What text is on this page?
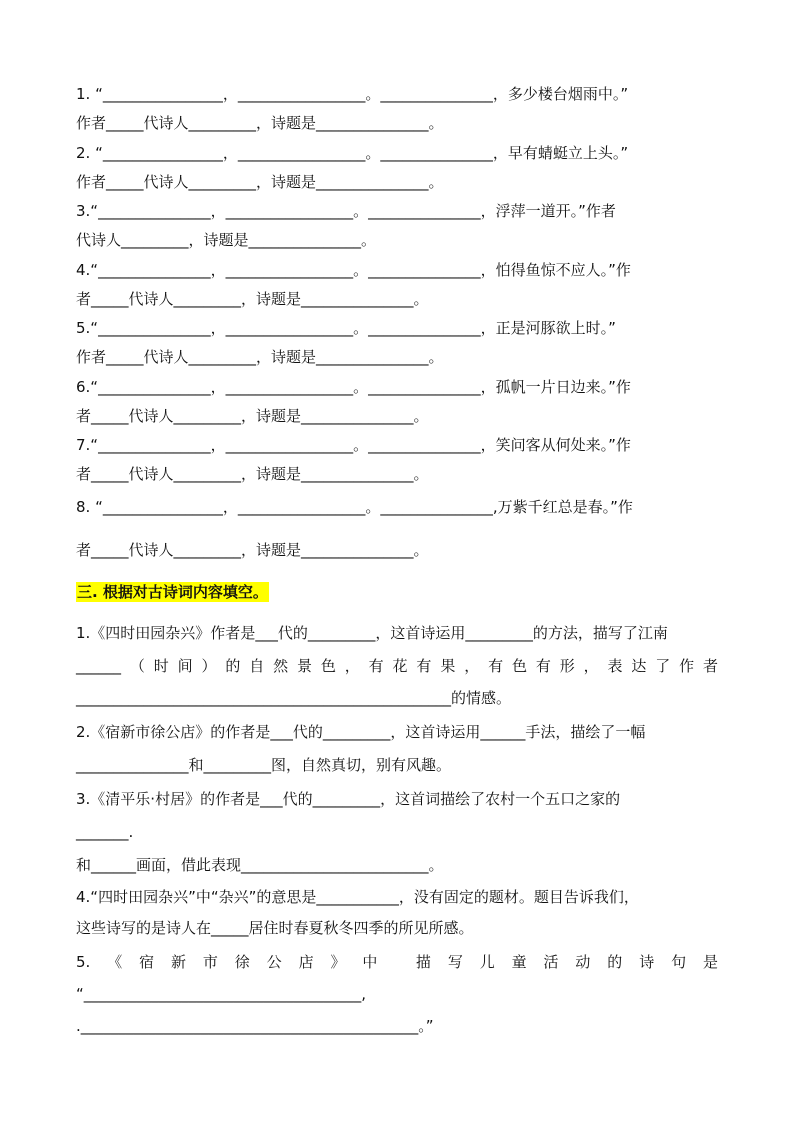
1. “________________，_________________。_______________，多少楼台烟雨中。”
作者_____代诗人_________，诗题是_______________。
2. “________________，_________________。_______________，早有蜻蜓立上头。”
作者_____代诗人_________，诗题是_______________。
3.“_______________，_________________。_______________，浮萍一道开。”作者
代诗人_________，诗题是_______________。
4.“_______________，_________________。_______________，怕得鱼惊不应人。”作
者_____代诗人_________，诗题是_______________。
5.“_______________，_________________。_______________，正是河豚欲上时。”
作者_____代诗人_________，诗题是_______________。
6.“_______________，_________________。_______________，孤帆一片日边来。”作
者_____代诗人_________，诗题是_______________。
7.“_______________，_________________。_______________，笑问客从何处来。”作
者_____代诗人_________，诗题是_______________。
8. “________________，_________________。_______________,万紫千红总是春。”作
者_____代诗人_________，诗题是_______________。
三. 根据对古诗词内容填空。
1.《四时田园杂兴》作者是___代的_________，这首诗运用_________的方法，描写了江南
______（时间）的自然景色，有花有果，有色有形，表达了作者
__________________________________________________的情感。
2.《宿新市徐公店》的作者是___代的_________，这首诗运用______手法，描绘了一幅
_______________和_________图，自然真切，别有风趣。
3.《清平乐·村居》的作者是___代的_________，这首词描绘了农村一个五口之家的
_______.
和______画面，借此表现_________________________。
4.“四时田园杂兴”中“杂兴”的意思是___________，没有固定的题材。题目告诉我们，
这些诗写的是诗人在_____居住时春夏秋冬四季的所见所感。
5.《宿新市徐公店》中 描写儿童活动的诗句是
“_____________________________________,
._____________________________________________。”
